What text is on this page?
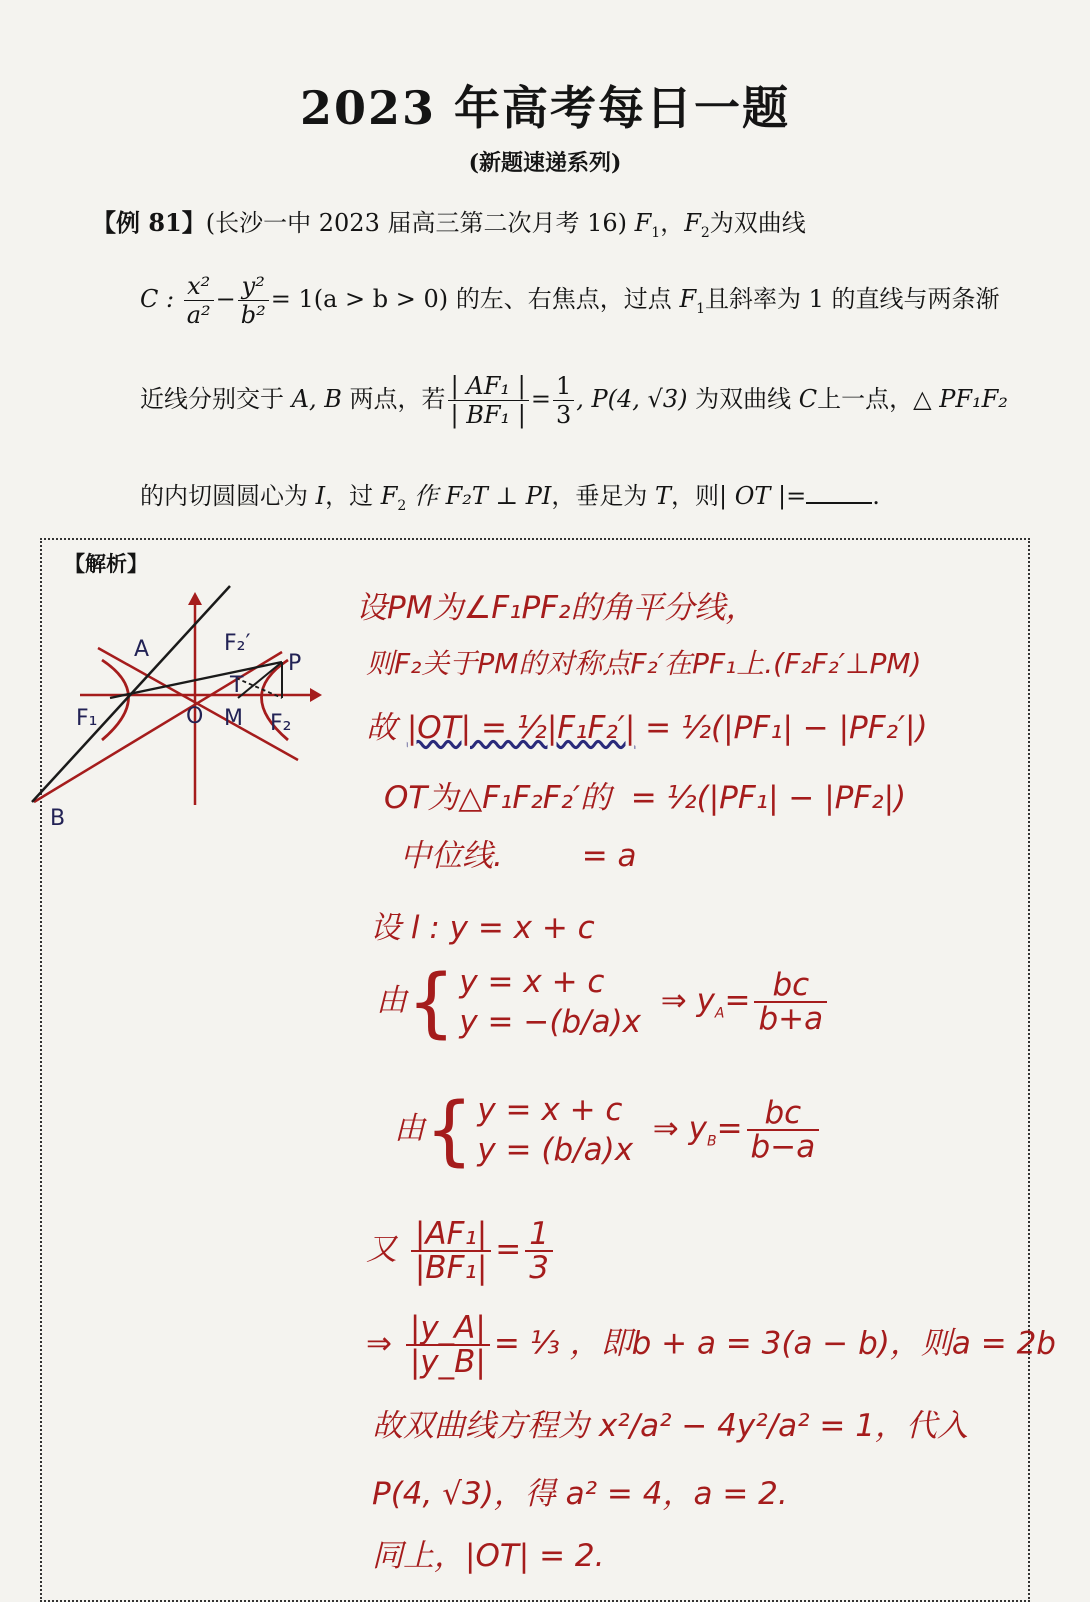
2023 年高考每日一题
(新题速递系列)
【例 81】(长沙一中 2023 届高三第二次月考 16) $F_1$，$F_2$为双曲线
C : $\frac{\text{x²}}{\text{a²}} - \frac{\text{y²}}{\text{b²}} = 1(a > b > 0)$ 的左、右焦点，过点 $F_1$且斜率为 1 的直线与两条渐
近线分别交于 A, B 两点，若 $\frac{\text{| AF₁ |}}{\text{| BF₁ |}} = \frac{1}{3}$ , P(4, √3) 为双曲线 C上一点，△ PF₁F₂
的内切圆圆心为 I，过 $F_2$ 作 F₂T ⊥ PI，垂足为 T，则| OT |=	.
【解析】
A
B
P
O M
F₁	F₂
F₂′
T
设PM为∠F₁PF₂的角平分线，
则F₂关于PM的对称点F₂′在PF₁上.(F₂F₂′⊥PM)
故 |OT| = ½|F₁F₂′| = ½(|PF₁| − |PF₂′|)
OT为△F₁F₂F₂′的 = ½(|PF₁| − |PF₂|)
中位线.	= a
设 l : y = x + c
由{ y = x + c
y = −(b/a)x  ⇒ $y_A= \frac{bc}{b+a}$
由{ y = x + c
y = (b/a)x  ⇒ $y_B= \frac{bc}{b-a}$
又 $\frac{\text{|AF₁|}}{\text{|BF₁|}} = \frac{1}{3}$
⇒ $\frac{|y\_A|}{|y\_B|}$ = ⅓ ，即b + a = 3(a − b)，则a = 2b
故双曲线方程为 x²/a² − 4y²/a² = 1，代入
P(4, √3)，得 a² = 4，a = 2.
同上，|OT| = 2.
